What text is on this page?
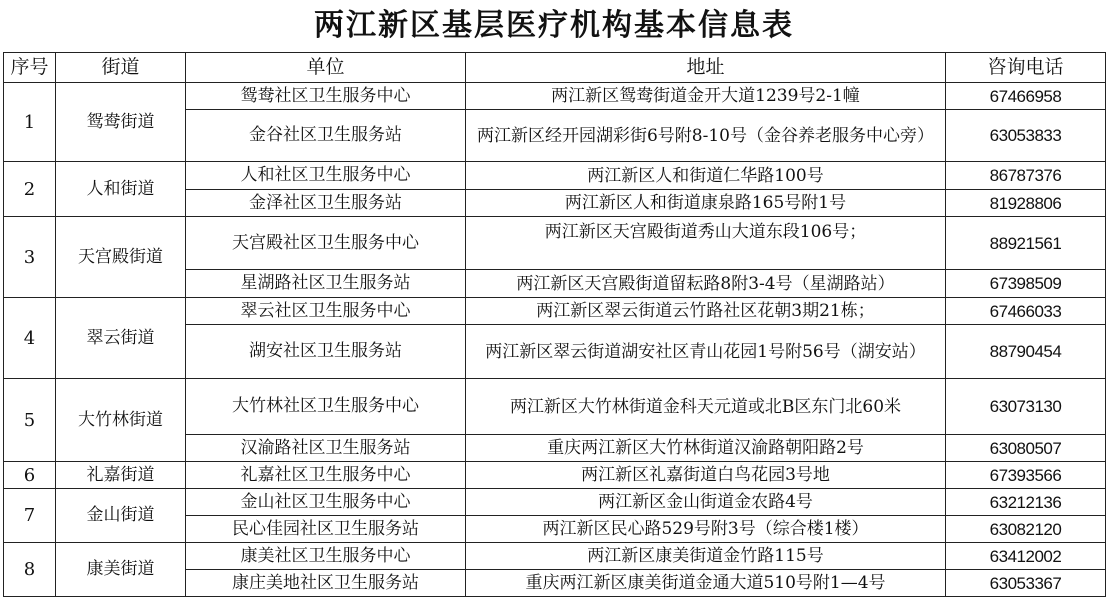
两江新区基层医疗机构基本信息表
序号	街道	单位	地址	咨询电话
1	鸳鸯街道	鸳鸯社区卫生服务中心	两江新区鸳鸯街道金开大道1239号2-1幢	67466958
		金谷社区卫生服务站	两江新区经开园湖彩街6号附8-10号（金谷养老服务中心旁）	63053833
2	人和街道	人和社区卫生服务中心	两江新区人和街道仁华路100号	86787376
		金泽社区卫生服务站	两江新区人和街道康泉路165号附1号	81928806
3	天宫殿街道	天宫殿社区卫生服务中心	两江新区天宫殿街道秀山大道东段106号；	88921561
		星湖路社区卫生服务站	两江新区天宫殿街道留耘路8附3-4号（星湖路站）	67398509
4	翠云街道	翠云社区卫生服务中心	两江新区翠云街道云竹路社区花朝3期21栋；	67466033
		湖安社区卫生服务站	两江新区翠云街道湖安社区青山花园1号附56号（湖安站）	88790454
5	大竹林街道	大竹林社区卫生服务中心	两江新区大竹林街道金科天元道或北B区东门北60米	63073130
		汉渝路社区卫生服务站	重庆两江新区大竹林街道汉渝路朝阳路2号	63080507
6	礼嘉街道	礼嘉社区卫生服务中心	两江新区礼嘉街道白鸟花园3号地	67393566
7	金山街道	金山社区卫生服务中心	两江新区金山街道金农路4号	63212136
		民心佳园社区卫生服务站	两江新区民心路529号附3号（综合楼1楼）	63082120
8	康美街道	康美社区卫生服务中心	两江新区康美街道金竹路115号	63412002
		康庄美地社区卫生服务站	重庆两江新区康美街道金通大道510号附1—4号	63053367
